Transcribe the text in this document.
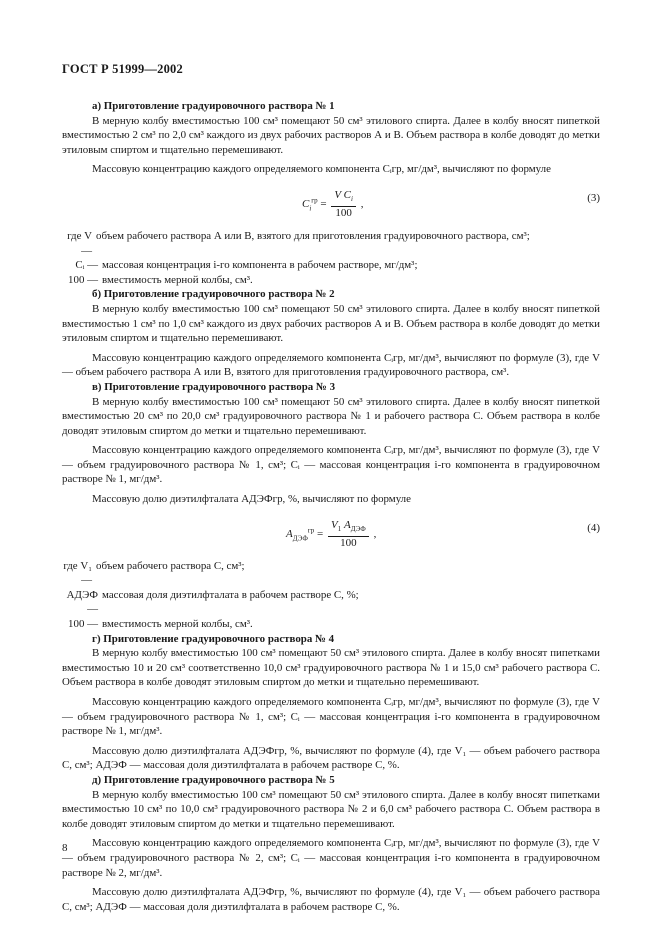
ГОСТ Р 51999—2002
а) Приготовление градуировочного раствора № 1
В мерную колбу вместимостью 100 см³ помещают 50 см³ этилового спирта. Далее в колбу вносят пипеткой вместимостью 2 см³ по 2,0 см³ каждого из двух рабочих растворов А и В. Объем раствора в колбе доводят до метки этиловым спиртом и тщательно перемешивают.
Массовую концентрацию каждого определяемого компонента Cᵢгр, мг/дм³, вычисляют по формуле
$C_i^{гр} = \frac{V C_i}{100}$ ,
(3)
где V —
объем рабочего раствора А или В, взятого для приготовления градуировочного раствора, см³;
Cᵢ — массовая концентрация i-го компонента в рабочем растворе, мг/дм³;
100 — вместимость мерной колбы, см³.
б) Приготовление градуировочного раствора № 2
В мерную колбу вместимостью 100 см³ помещают 50 см³ этилового спирта. Далее в колбу вносят пипеткой вместимостью 1 см³ по 1,0 см³ каждого из двух рабочих растворов А и В. Объем раствора в колбе доводят до метки этиловым спиртом и тщательно перемешивают.
Массовую концентрацию каждого определяемого компонента Cᵢгр, мг/дм³, вычисляют по формуле (3), где V — объем рабочего раствора А или В, взятого для приготовления градуировочного раствора, см³.
в) Приготовление градуировочного раствора № 3
В мерную колбу вместимостью 100 см³ помещают 50 см³ этилового спирта. Далее в колбу вносят пипеткой вместимостью 20 см³ по 20,0 см³ градуировочного раствора № 1 и рабочего раствора С. Объем раствора в колбе доводят этиловым спиртом до метки и тщательно перемешивают.
Массовую концентрацию каждого определяемого компонента Cᵢгр, мг/дм³, вычисляют по формуле (3), где V — объем градуировочного раствора № 1, см³; Cᵢ — массовая концентрация i-го компонента в градуировочном растворе № 1, мг/дм³.
Массовую долю диэтилфталата AДЭФгр, %, вычисляют по формуле
$A_{ДЭФ}^{гр} = \frac{V_1 A_{ДЭФ}}{100}$ ,
(4)
где V₁ —
объем рабочего раствора С, см³;
AДЭФ —
массовая доля диэтилфталата в рабочем растворе С, %;
100 — вместимость мерной колбы, см³.
г) Приготовление градуировочного раствора № 4
В мерную колбу вместимостью 100 см³ помещают 50 см³ этилового спирта. Далее в колбу вносят пипетками вместимостью 10 и 20 см³ соответственно 10,0 см³ градуировочного раствора № 1 и 15,0 см³ рабочего раствора С. Объем раствора в колбе доводят этиловым спиртом до метки и тщательно перемешивают.
Массовую концентрацию каждого определяемого компонента Cᵢгр, мг/дм³, вычисляют по формуле (3), где V — объем градуировочного раствора № 1, см³; Cᵢ — массовая концентрация i-го компонента в градуировочном растворе № 1, мг/дм³.
Массовую долю диэтилфталата AДЭФгр, %, вычисляют по формуле (4), где V₁ — объем рабочего раствора С, см³; AДЭФ — массовая доля диэтилфталата в рабочем растворе С, %.
д) Приготовление градуировочного раствора № 5
В мерную колбу вместимостью 100 см³ помещают 50 см³ этилового спирта. Далее в колбу вносят пипетками вместимостью 10 см³ по 10,0 см³ градуировочного раствора № 2 и 6,0 см³ рабочего раствора С. Объем раствора в колбе доводят этиловым спиртом до метки и тщательно перемешивают.
Массовую концентрацию каждого определяемого компонента Cᵢгр, мг/дм³, вычисляют по формуле (3), где V — объем градуировочного раствора № 2, см³; Cᵢ — массовая концентрация i-го компонента в градуировочном растворе № 2, мг/дм³.
Массовую долю диэтилфталата AДЭФгр, %, вычисляют по формуле (4), где V₁ — объем рабочего раствора С, см³; AДЭФ — массовая доля диэтилфталата в рабочем растворе С, %.
8
